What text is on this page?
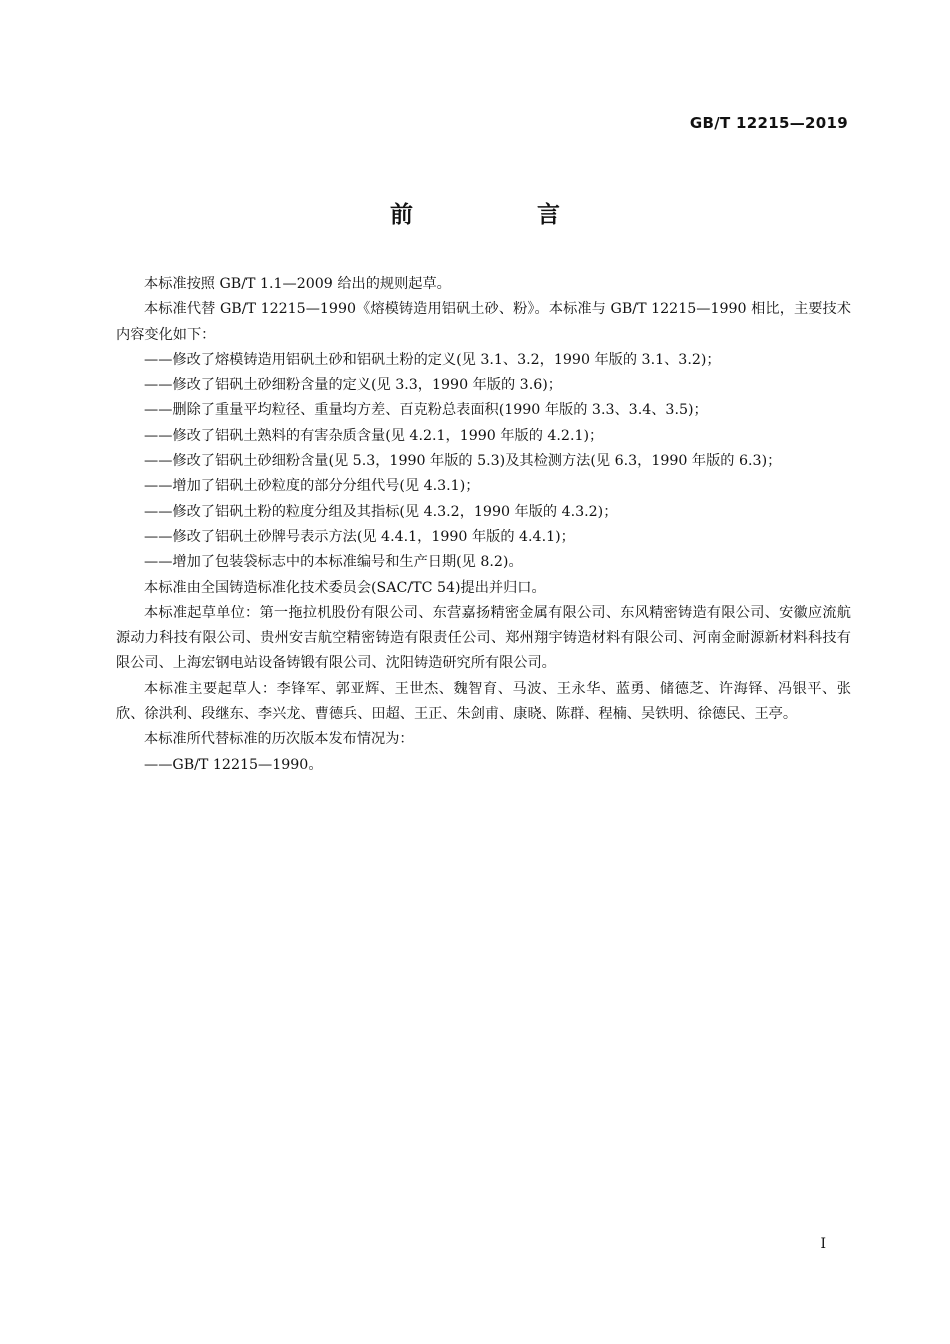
GB/T 12215—2019
前 言

本标准按照 GB/T 1.1—2009 给出的规则起草。

本标准代替 GB/T 12215—1990《熔模铸造用铝矾土砂、粉》。本标准与 GB/T 12215—1990 相比，主要技术内容变化如下：

——修改了熔模铸造用铝矾土砂和铝矾土粉的定义(见 3.1、3.2，1990 年版的 3.1、3.2)；

——修改了铝矾土砂细粉含量的定义(见 3.3，1990 年版的 3.6)；

——删除了重量平均粒径、重量均方差、百克粉总表面积(1990 年版的 3.3、3.4、3.5)；

——修改了铝矾土熟料的有害杂质含量(见 4.2.1，1990 年版的 4.2.1)；

——修改了铝矾土砂细粉含量(见 5.3，1990 年版的 5.3)及其检测方法(见 6.3，1990 年版的 6.3)；

——增加了铝矾土砂粒度的部分分组代号(见 4.3.1)；

——修改了铝矾土粉的粒度分组及其指标(见 4.3.2，1990 年版的 4.3.2)；

——修改了铝矾土砂牌号表示方法(见 4.4.1，1990 年版的 4.4.1)；

——增加了包装袋标志中的本标准编号和生产日期(见 8.2)。

本标准由全国铸造标准化技术委员会(SAC/TC 54)提出并归口。

本标准起草单位：第一拖拉机股份有限公司、东营嘉扬精密金属有限公司、东风精密铸造有限公司、安徽应流航源动力科技有限公司、贵州安吉航空精密铸造有限责任公司、郑州翔宇铸造材料有限公司、河南金耐源新材料科技有限公司、上海宏钢电站设备铸锻有限公司、沈阳铸造研究所有限公司。

本标准主要起草人：李锋军、郭亚辉、王世杰、魏智育、马波、王永华、蓝勇、储德芝、许海铎、冯银平、张欣、徐洪利、段继东、李兴龙、曹德兵、田超、王正、朱剑甫、康晓、陈群、程楠、吴铁明、徐德民、王亭。

本标准所代替标准的历次版本发布情况为：

——GB/T 12215—1990。

I
